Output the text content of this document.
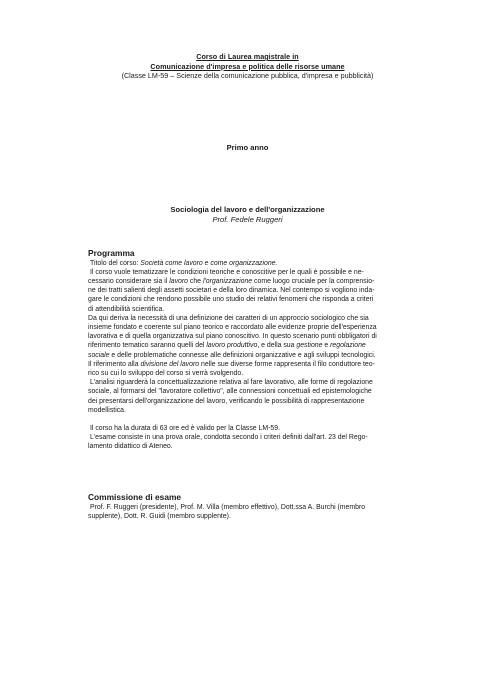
Corso di Laurea magistrale in
Comunicazione d'impresa e politica delle risorse umane
(Classe LM-59 – Scienze della comunicazione pubblica, d'impresa e pubblicità)
Primo anno
Sociologia del lavoro e dell'organizzazione
Prof. Fedele Ruggeri

Programma

Titolo del corso: Società come lavoro e come organizzazione.

Il corso vuole tematizzare le condizioni teoriche e conoscitive per le quali è possibile e ne-

cessario considerare sia il lavoro che l'organizzazione come luogo cruciale per la comprensio-

ne dei tratti salienti degli assetti societari e della loro dinamica. Nel contempo si vogliono inda-

gare le condizioni che rendono possibile uno studio dei relativi fenomeni che risponda a criteri

di attendibilità scientifica.

Da qui deriva la necessità di una definizione dei caratteri di un approccio sociologico che sia

insieme fondato e coerente sul piano teorico e raccordato alle evidenze proprie dell'esperienza

lavorativa e di quella organizzativa sul piano conoscitivo. In questo scenario punti obbligatori di

riferimento tematico saranno quelli del lavoro produttivo, e della sua gestione e regolazione

sociale e delle problematiche connesse alle definizioni organizzative e agli sviluppi tecnologici.

Il riferimento alla divisione del lavoro nelle sue diverse forme rappresenta il filo conduttore teo-

rico su cui lo sviluppo del corso si verrà svolgendo.

L'analisi riguarderà la concettualizzazione relativa al fare lavorativo, alle forme di regolazione

sociale, al formarsi del "lavoratore collettivo", alle connessioni concettuali ed epistemologiche

dei presentarsi dell'organizzazione del lavoro, verificando le possibilità di rappresentazione

modellistica.

Il corso ha la durata di 63 ore ed è valido per la Classe LM-59.

L'esame consiste in una prova orale, condotta secondo i criteri definiti dall'art. 23 del Rego-

lamento didattico di Ateneo.

Commissione di esame

Prof. F. Ruggeri (presidente), Prof. M. Villa (membro effettivo), Dott.ssa A. Burchi (membro

supplente), Dott. R. Guidi (membro supplente).
